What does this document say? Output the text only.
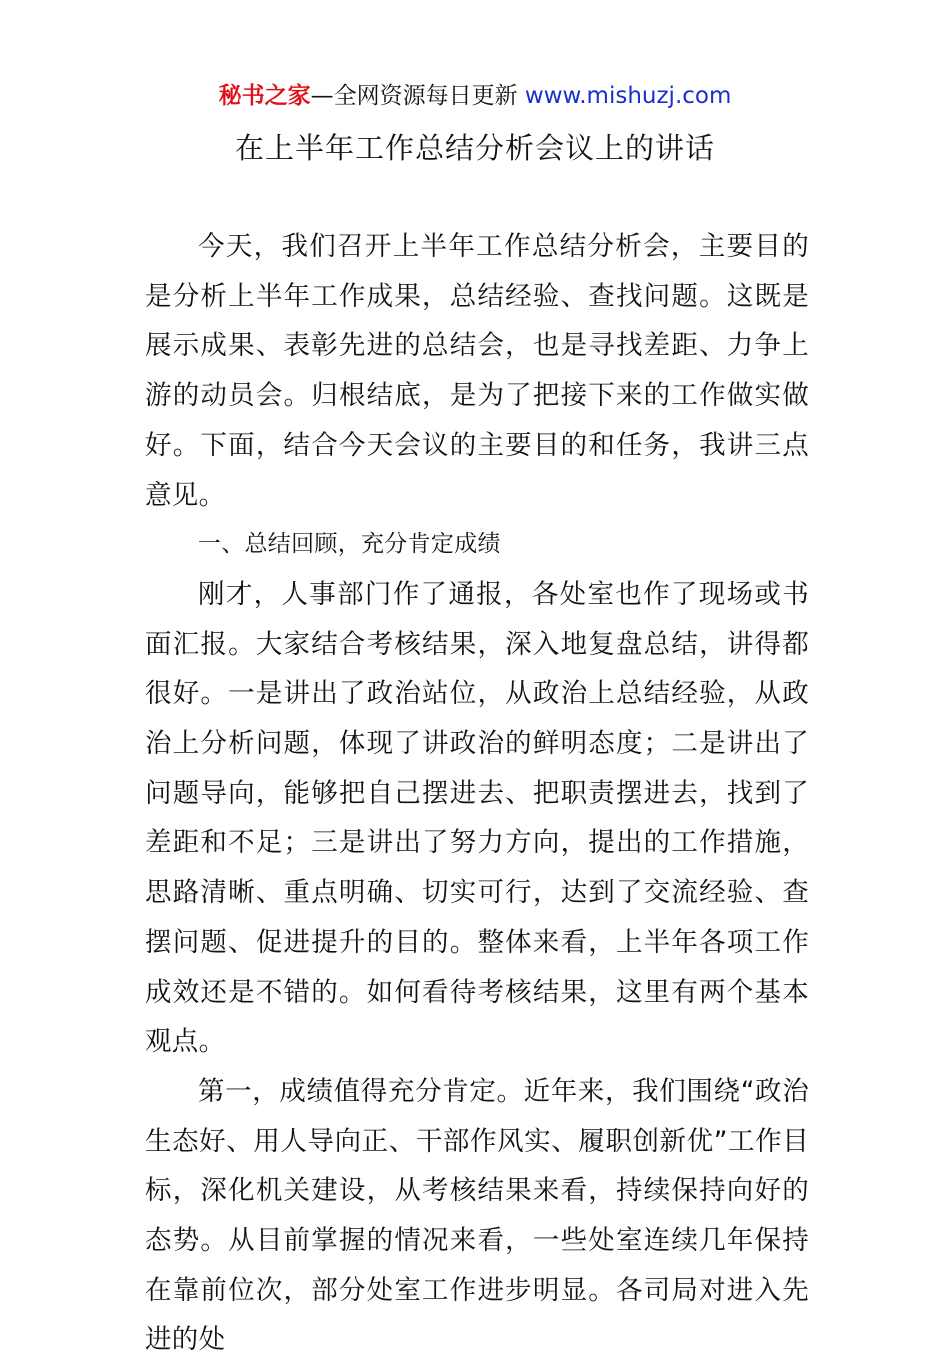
秘书之家—全网资源每日更新 www.mishuzj.com
在上半年工作总结分析会议上的讲话

今天，我们召开上半年工作总结分析会，主要目的是分析上半年工作成果，总结经验、查找问题。这既是展示成果、表彰先进的总结会，也是寻找差距、力争上游的动员会。归根结底，是为了把接下来的工作做实做好。下面，结合今天会议的主要目的和任务，我讲三点意见。

一、总结回顾，充分肯定成绩

刚才，人事部门作了通报，各处室也作了现场或书面汇报。大家结合考核结果，深入地复盘总结，讲得都很好。一是讲出了政治站位，从政治上总结经验，从政治上分析问题，体现了讲政治的鲜明态度；二是讲出了问题导向，能够把自己摆进去、把职责摆进去，找到了差距和不足；三是讲出了努力方向，提出的工作措施，思路清晰、重点明确、切实可行，达到了交流经验、查摆问题、促进提升的目的。整体来看，上半年各项工作成效还是不错的。如何看待考核结果，这里有两个基本观点。

第一，成绩值得充分肯定。近年来，我们围绕“政治生态好、用人导向正、干部作风实、履职创新优”工作目标，深化机关建设，从考核结果来看，持续保持向好的态势。从目前掌握的情况来看，一些处室连续几年保持在靠前位次，部分处室工作进步明显。各司局对进入先进的处
